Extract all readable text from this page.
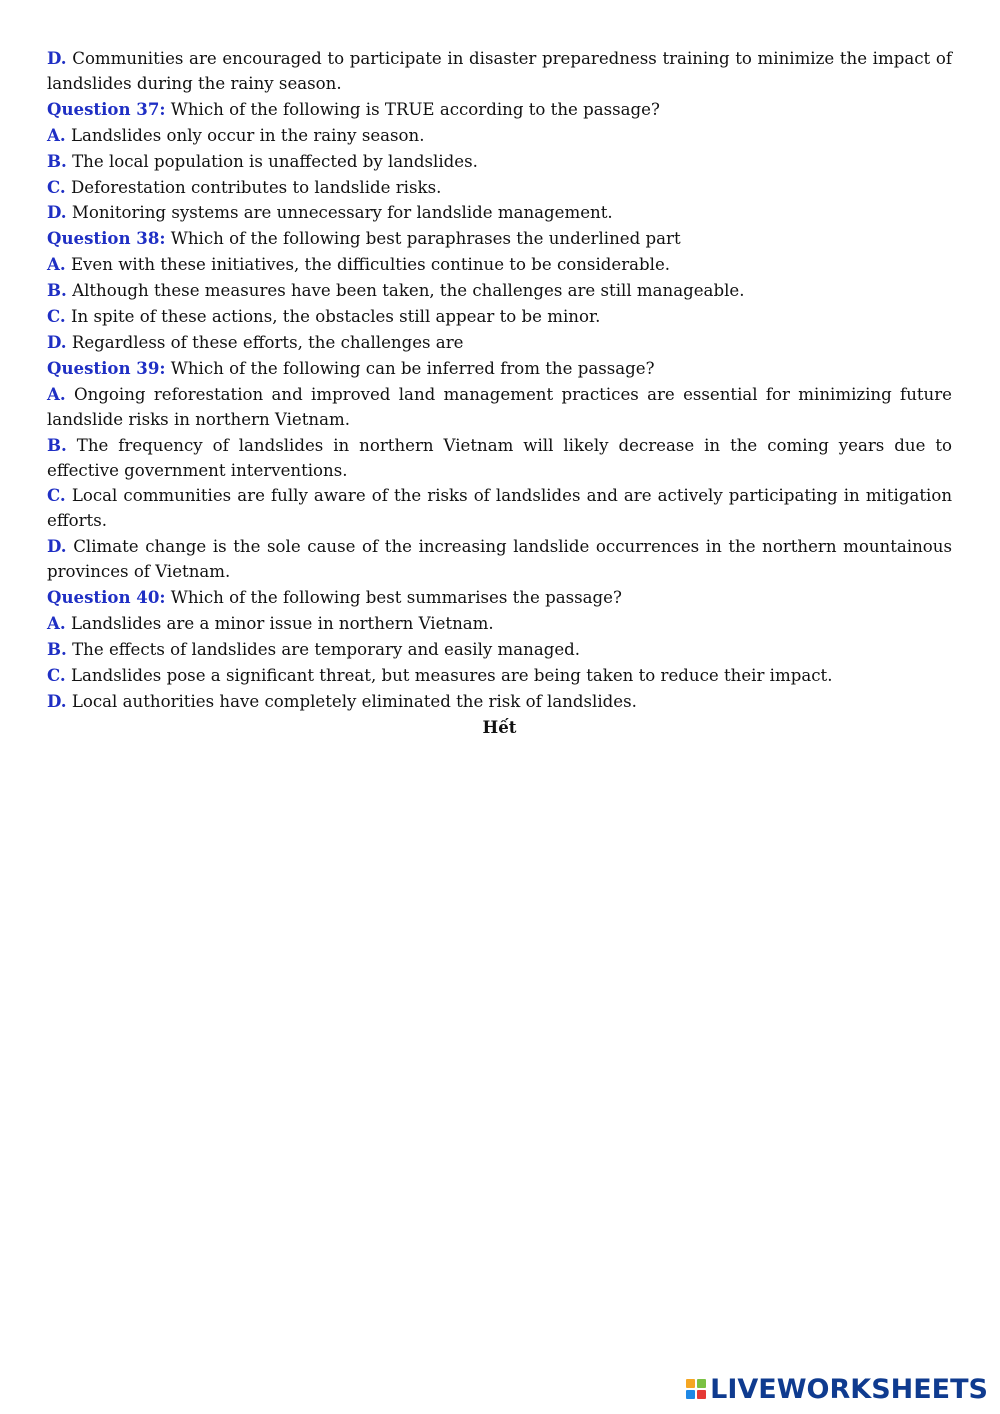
D. Communities are encouraged to participate in disaster preparedness training to minimize the impact of landslides during the rainy season.

Question 37: Which of the following is TRUE according to the passage?

A. Landslides only occur in the rainy season.

B. The local population is unaffected by landslides.

C. Deforestation contributes to landslide risks.

D. Monitoring systems are unnecessary for landslide management.

Question 38: Which of the following best paraphrases the underlined part

A. Even with these initiatives, the difficulties continue to be considerable.

B. Although these measures have been taken, the challenges are still manageable.

C. In spite of these actions, the obstacles still appear to be minor.

D. Regardless of these efforts, the challenges are

Question 39: Which of the following can be inferred from the passage?

A. Ongoing reforestation and improved land management practices are essential for minimizing future landslide risks in northern Vietnam.

B. The frequency of landslides in northern Vietnam will likely decrease in the coming years due to effective government interventions.

C. Local communities are fully aware of the risks of landslides and are actively participating in mitigation efforts.

D. Climate change is the sole cause of the increasing landslide occurrences in the northern mountainous provinces of Vietnam.

Question 40: Which of the following best summarises the passage?

A. Landslides are a minor issue in northern Vietnam.

B. The effects of landslides are temporary and easily managed.

C. Landslides pose a significant threat, but measures are being taken to reduce their impact.

D. Local authorities have completely eliminated the risk of landslides.

Hết

LIVEWORKSHEETS
